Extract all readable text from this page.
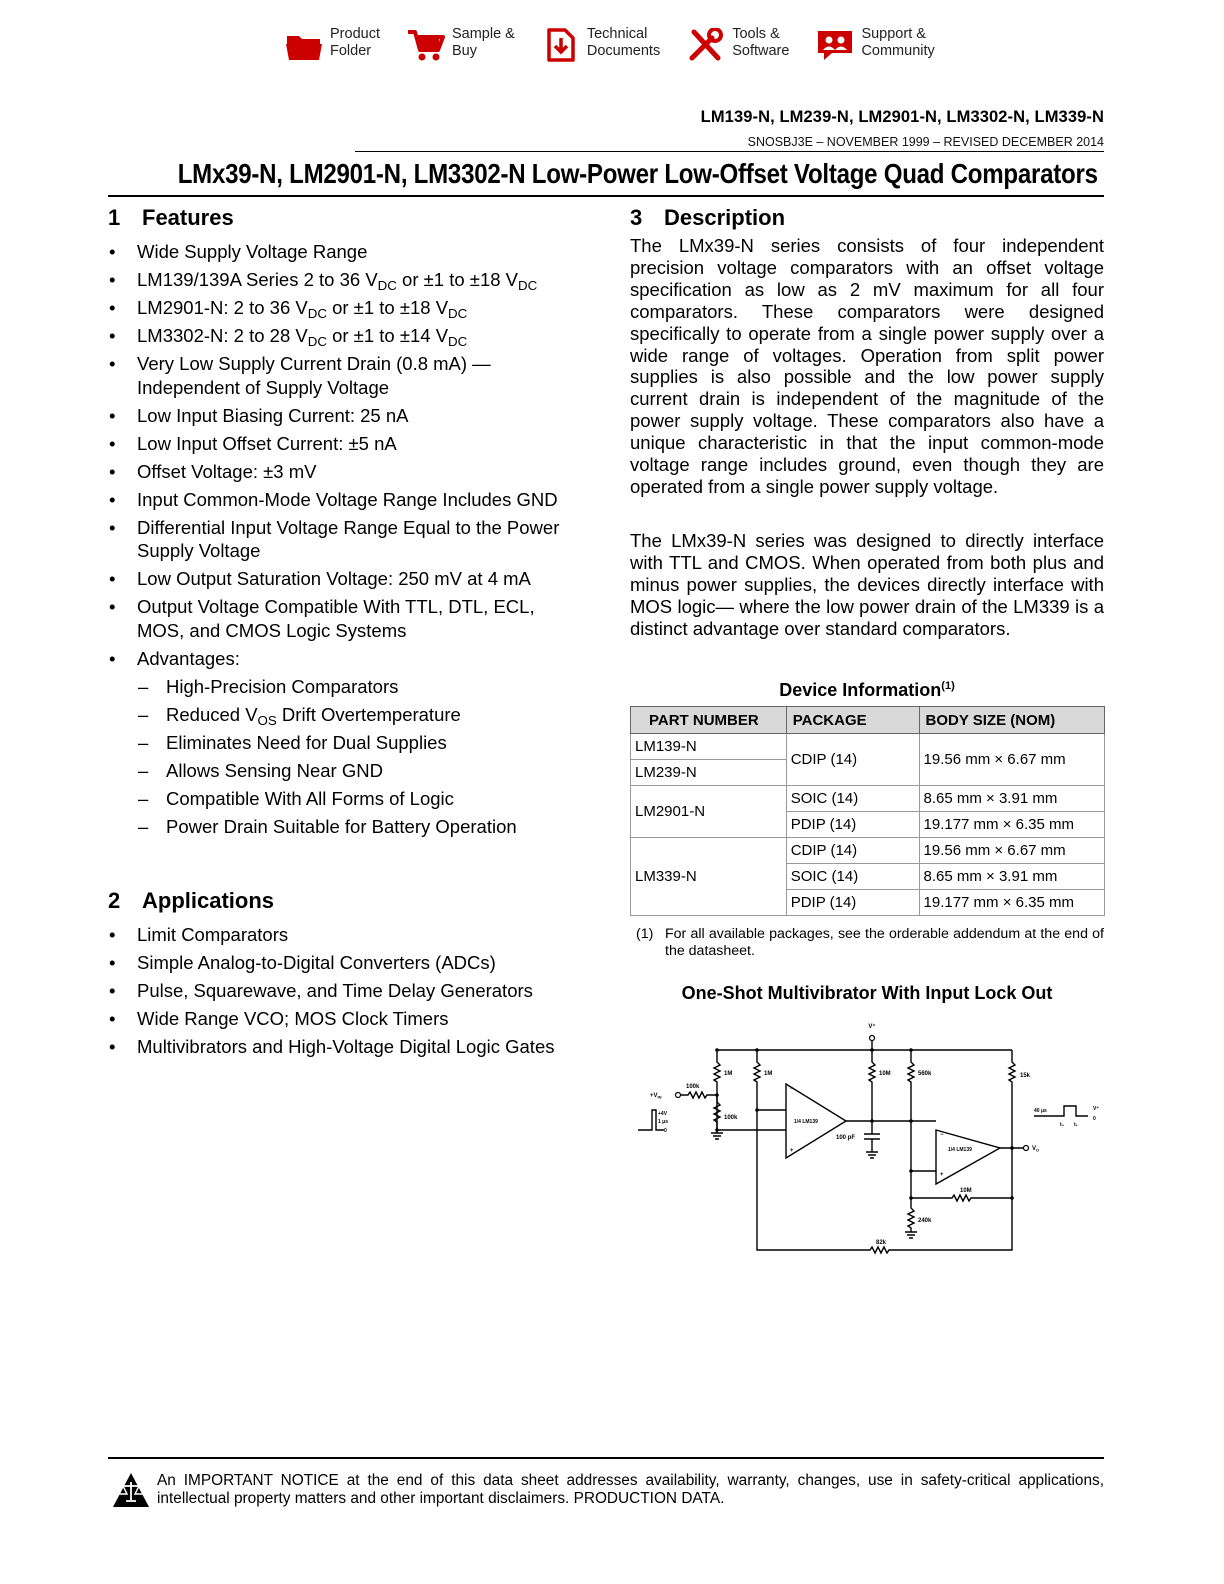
Product
Folder
Sample &
Buy
Technical
Documents
Tools &
Software
Support &
Community
LM139-N, LM239-N, LM2901-N, LM3302-N, LM339-N
SNOSBJ3E – NOVEMBER 1999 – REVISED DECEMBER 2014
LMx39-N, LM2901-N, LM3302-N Low-Power Low-Offset Voltage Quad Comparators
1 Features
• Wide Supply Voltage Range
• LM139/139A Series 2 to 36 $V_{DC}$ or ±1 to ±18 $V_{DC}$
• LM2901-N: 2 to 36 $V_{DC}$ or ±1 to ±18 $V_{DC}$
• LM3302-N: 2 to 28 $V_{DC}$ or ±1 to ±14 $V_{DC}$
• Very Low Supply Current Drain (0.8 mA) — Independent of Supply Voltage
• Low Input Biasing Current: 25 nA
• Low Input Offset Current: ±5 nA
• Offset Voltage: ±3 mV
• Input Common-Mode Voltage Range Includes GND
• Differential Input Voltage Range Equal to the Power Supply Voltage
• Low Output Saturation Voltage: 250 mV at 4 mA
• Output Voltage Compatible With TTL, DTL, ECL, MOS, and CMOS Logic Systems
• Advantages:
– High-Precision Comparators
– Reduced $V_{OS}$ Drift Overtemperature
– Eliminates Need for Dual Supplies
– Allows Sensing Near GND
– Compatible With All Forms of Logic
– Power Drain Suitable for Battery Operation
2 Applications
• Limit Comparators
• Simple Analog-to-Digital Converters (ADCs)
• Pulse, Squarewave, and Time Delay Generators
• Wide Range VCO; MOS Clock Timers
• Multivibrators and High-Voltage Digital Logic Gates
3 Description

The LMx39-N series consists of four independent precision voltage comparators with an offset voltage specification as low as 2 mV maximum for all four comparators. These comparators were designed specifically to operate from a single power supply over a wide range of voltages. Operation from split power supplies is also possible and the low power supply current drain is independent of the magnitude of the power supply voltage. These comparators also have a unique characteristic in that the input common-mode voltage range includes ground, even though they are operated from a single power supply voltage.

The LMx39-N series was designed to directly interface with TTL and CMOS. When operated from both plus and minus power supplies, the devices directly interface with MOS logic— where the low power drain of the LM339 is a distinct advantage over standard comparators.

Device Information$^{(1)}$
PART NUMBER	PACKAGE	BODY SIZE (NOM)
LM139-N	CDIP (14)	19.56 mm × 6.67 mm
LM239-N		
LM2901-N	SOIC (14)	8.65 mm × 3.91 mm
	PDIP (14)	19.177 mm × 6.35 mm
LM339-N	CDIP (14)	19.56 mm × 6.67 mm
	SOIC (14)	8.65 mm × 3.91 mm
	PDIP (14)	19.177 mm × 6.35 mm
(1) For all available packages, see the orderable addendum at the end of the datasheet.
One-Shot Multivibrator With Input Lock Out
V⁺
$+V_{IN}$
100k
1M	1M
100k
−
+
1/4 LM139
100 pF
10M	560k	15k
−
+
1/4 LM139
10M
240k
82k
$V_O$
+4V
1 μs
0
40 μs	V⁺
0
t₀ t₁
An IMPORTANT NOTICE at the end of this data sheet addresses availability, warranty, changes, use in safety-critical applications, intellectual property matters and other important disclaimers. PRODUCTION DATA.
